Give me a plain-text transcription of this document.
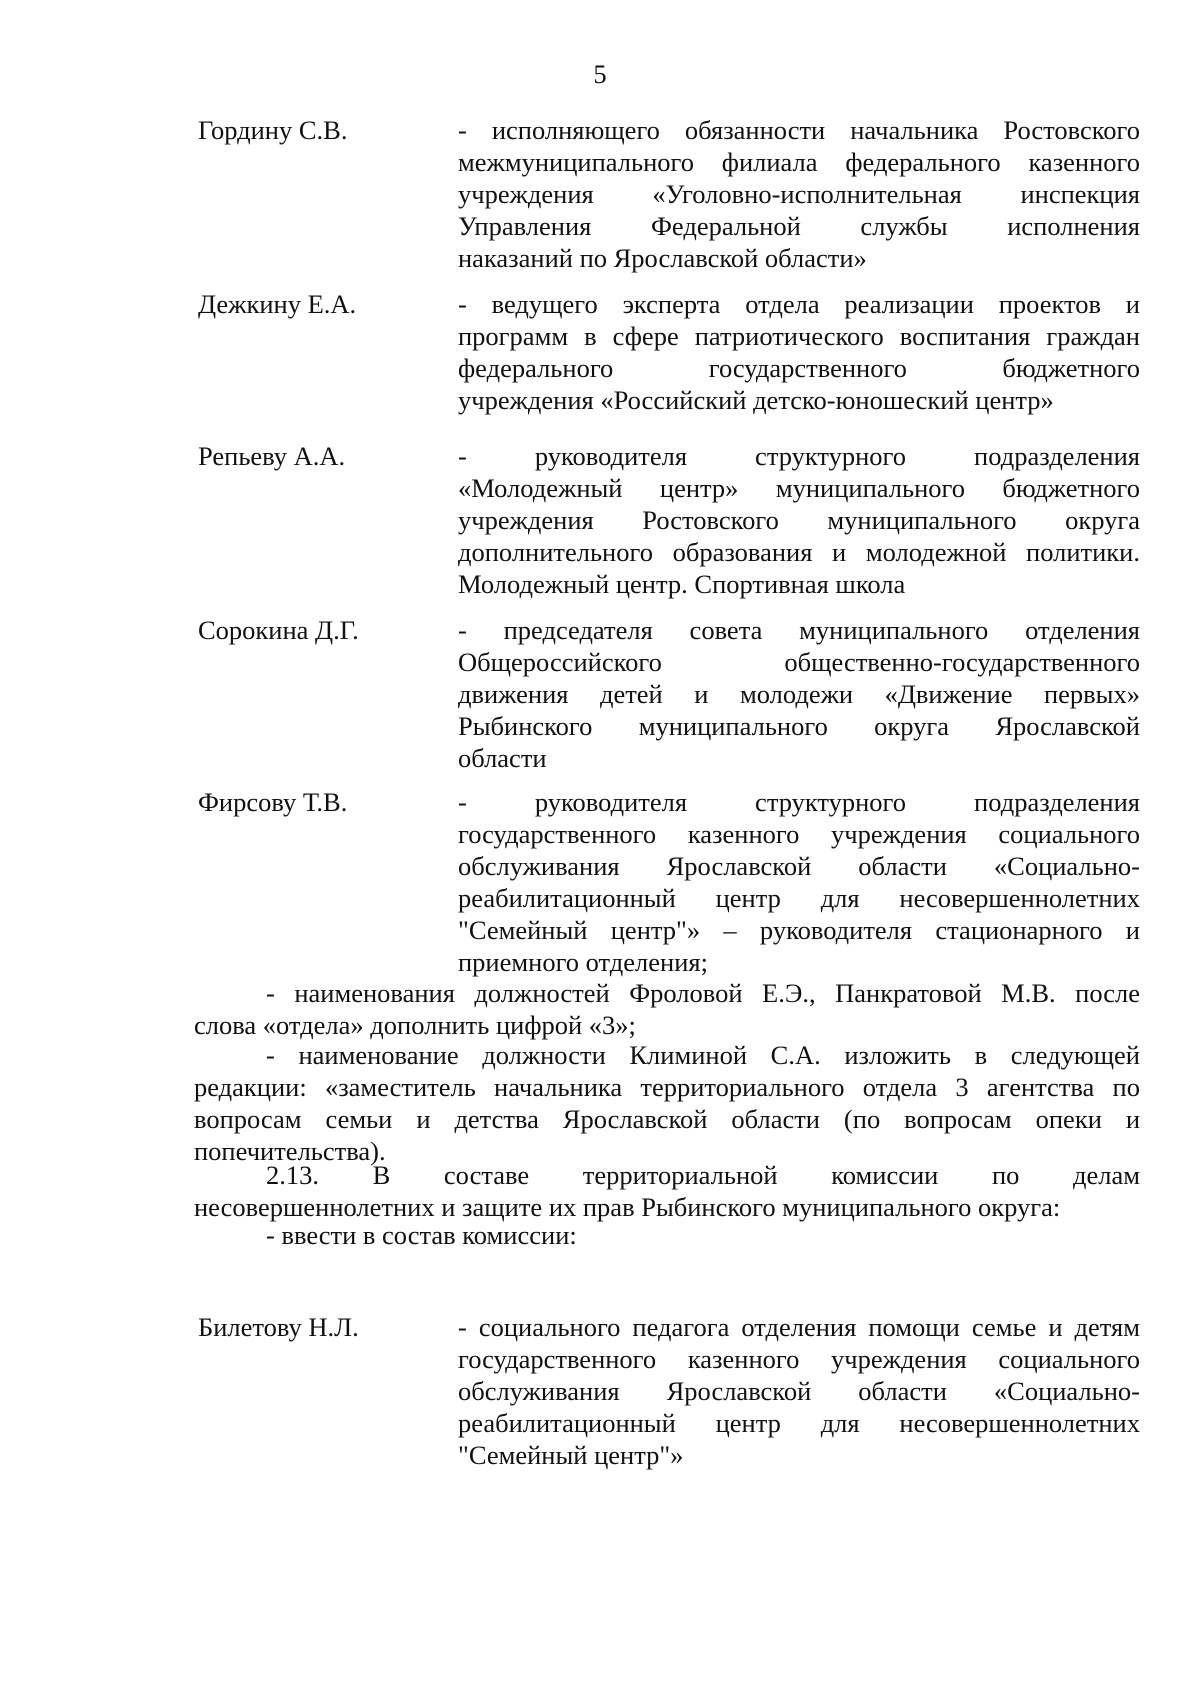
5
Гордину С.В.	- исполняющего обязанности начальника Ростовского
межмуниципального филиала федерального казенного
учреждения «Уголовно-исполнительная инспекция
Управления Федеральной службы исполнения
наказаний по Ярославской области»
Дежкину Е.А.	- ведущего эксперта отдела реализации проектов и
программ в сфере патриотического воспитания граждан
федерального государственного бюджетного
учреждения «Российский детско-юношеский центр»
Репьеву А.А.	- руководителя структурного подразделения
«Молодежный центр» муниципального бюджетного
учреждения Ростовского муниципального округа
дополнительного образования и молодежной политики.
Молодежный центр. Спортивная школа
Сорокина Д.Г.	- председателя совета муниципального отделения
Общероссийского общественно-государственного
движения детей и молодежи «Движение первых»
Рыбинского муниципального округа Ярославской
области
Фирсову Т.В.	- руководителя структурного подразделения
государственного казенного учреждения социального
обслуживания Ярославской области «Социально-
реабилитационный центр для несовершеннолетних
"Семейный центр"» – руководителя стационарного и
приемного отделения;
- наименования должностей Фроловой Е.Э., Панкратовой М.В. после
слова «отдела» дополнить цифрой «3»;
- наименование должности Климиной С.А. изложить в следующей
редакции: «заместитель начальника территориального отдела 3 агентства по
вопросам семьи и детства Ярославской области (по вопросам опеки и
попечительства).
2.13. В составе территориальной комиссии по делам
несовершеннолетних и защите их прав Рыбинского муниципального округа:
- ввести в состав комиссии:
Билетову Н.Л.	- социального педагога отделения помощи семье и детям
государственного казенного учреждения социального
обслуживания Ярославской области «Социально-
реабилитационный центр для несовершеннолетних
"Семейный центр"»
